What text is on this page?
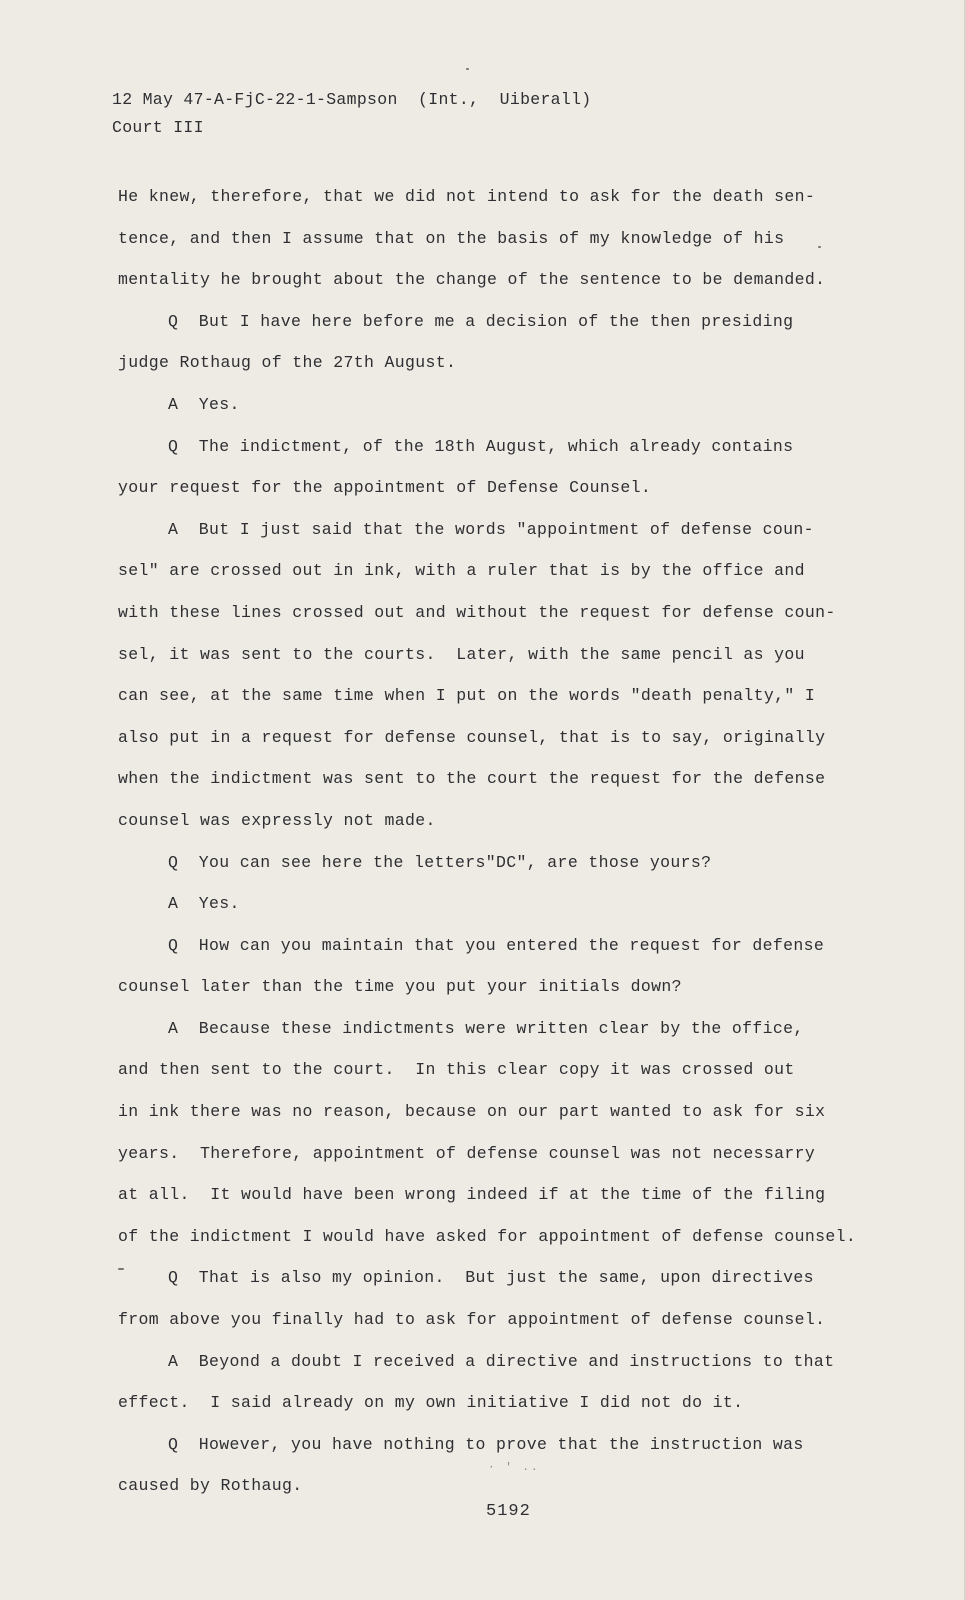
12 May 47-A-FjC-22-1-Sampson  (Int.,  Uiberall)
Court III
He knew, therefore, that we did not intend to ask for the death sen-
tence, and then I assume that on the basis of my knowledge of his
mentality he brought about the change of the sentence to be demanded.
Q  But I have here before me a decision of the then presiding
judge Rothaug of the 27th August.
A  Yes.
Q  The indictment, of the 18th August, which already contains
your request for the appointment of Defense Counsel.
A  But I just said that the words "appointment of defense coun-
sel" are crossed out in ink, with a ruler that is by the office and
with these lines crossed out and without the request for defense coun-
sel, it was sent to the courts.  Later, with the same pencil as you
can see, at the same time when I put on the words "death penalty," I
also put in a request for defense counsel, that is to say, originally
when the indictment was sent to the court the request for the defense
counsel was expressly not made.
Q  You can see here the letters"DC", are those yours?
A  Yes.
Q  How can you maintain that you entered the request for defense
counsel later than the time you put your initials down?
A  Because these indictments were written clear by the office,
and then sent to the court.  In this clear copy it was crossed out
in ink there was no reason, because on our part wanted to ask for six
years.  Therefore, appointment of defense counsel was not necessarry
at all.  It would have been wrong indeed if at the time of the filing
of the indictment I would have asked for appointment of defense counsel.
Q  That is also my opinion.  But just the same, upon directives
from above you finally had to ask for appointment of defense counsel.
A  Beyond a doubt I received a directive and instructions to that
effect.  I said already on my own initiative I did not do it.
Q  However, you have nothing to prove that the instruction was
caused by Rothaug.
· ′ ..
5192
